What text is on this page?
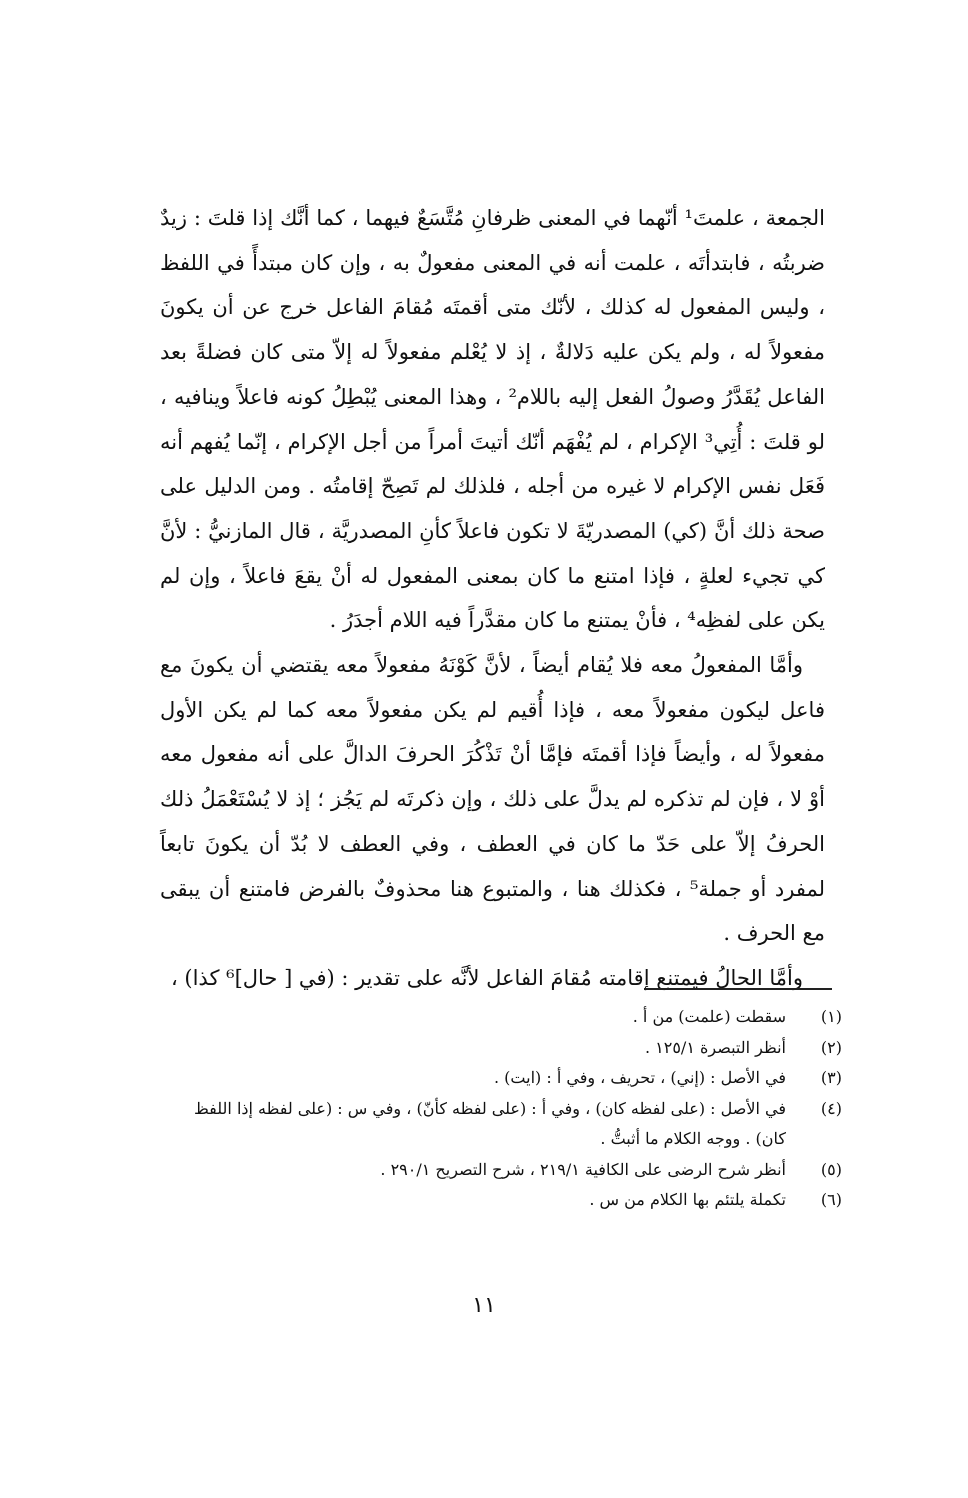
الجمعة ، علمتَ¹ أنّهما في المعنى ظرفانِ مُتَّسَعٌ فيهما ، كما أنَّك إذا قلتَ : زيدٌ ضربتُه ، فابتدأتَه ، علمت أنه في المعنى مفعولٌ به ، وإن كان مبتدأً في اللفظ ، وليس المفعول له كذلك ، لأنّك متى أقمتَه مُقامَ الفاعل خرج عن أن يكونَ مفعولاً له ، ولم يكن عليه دَلالةٌ ، إذ لا يُعْلم مفعولاً له إلاّ متى كان فضلةً بعد الفاعل يُقَدَّرُ وصولُ الفعل إليه باللام² ، وهذا المعنى يُبْطِلُ كونه فاعلاً وينافيه ، لو قلتَ : أُتِي³ الإكرام ، لم يُفْهَم أنّك أتيتَ أمراً من أجل الإكرام ، إنّما يُفهم أنه فَعَل نفس الإكرام لا غيره من أجله ، فلذلك لم تَصِحّ إقامتُه . ومن الدليل على صحة ذلك أنَّ (كي) المصدريّةَ لا تكون فاعلاً كأنِ المصدريَّة ، قال المازنيُّ : لأنَّ كي تجيء لعلةٍ ، فإذا امتنع ما كان بمعنى المفعول له أنْ يقعَ فاعلاً ، وإن لم يكن على لفظِه⁴ ، فأنْ يمتنع ما كان مقدَّراً فيه اللام أجدَرُ .

وأمَّا المفعولُ معه فلا يُقام أيضاً ، لأنَّ كَوْنَهُ مفعولاً معه يقتضي أن يكونَ مع فاعل ليكون مفعولاً معه ، فإذا أُقيم لم يكن مفعولاً معه كما لم يكن الأول مفعولاً له ، وأيضاً فإذا أقمتَه فإمَّا أنْ تَذْكُرَ الحرفَ الدالَّ على أنه مفعول معه أوْ لا ، فإن لم تذكره لم يدلَّ على ذلك ، وإن ذكرتَه لم يَجُز ؛ إذ لا يُسْتَعْمَلُ ذلك الحرفُ إلاّ على حَدّ ما كان في العطف ، وفي العطف لا بُدّ أن يكونَ تابعاً لمفرد أو جملة⁵ ، فكذلك هنا ، والمتبوع هنا محذوفٌ بالفرض فامتنع أن يبقى مع الحرف .

وأمَّا الحالُ فيمتنع إقامته مُقامَ الفاعل لأنَّه على تقدير : (في [ حال]⁶ كذا) ،

(١)
سقطت (علمت) من أ .
(٢)
أنظر التبصرة ١٢٥/١ .
(٣)
في الأصل : (إني) ، تحريف ، وفي أ : (ايت) .
(٤)
في الأصل : (على لفظه كان) ، وفي أ : (على لفظه كأنّ) ، وفي س : (على لفظه إذا اللفظ كان) . ووجه الكلام ما أثبتُّ .
(٥)
أنظر شرح الرضى على الكافية ٢١٩/١ ، شرح التصريح ٢٩٠/١ .
(٦)
تكملة يلتئم بها الكلام من س .
١١
